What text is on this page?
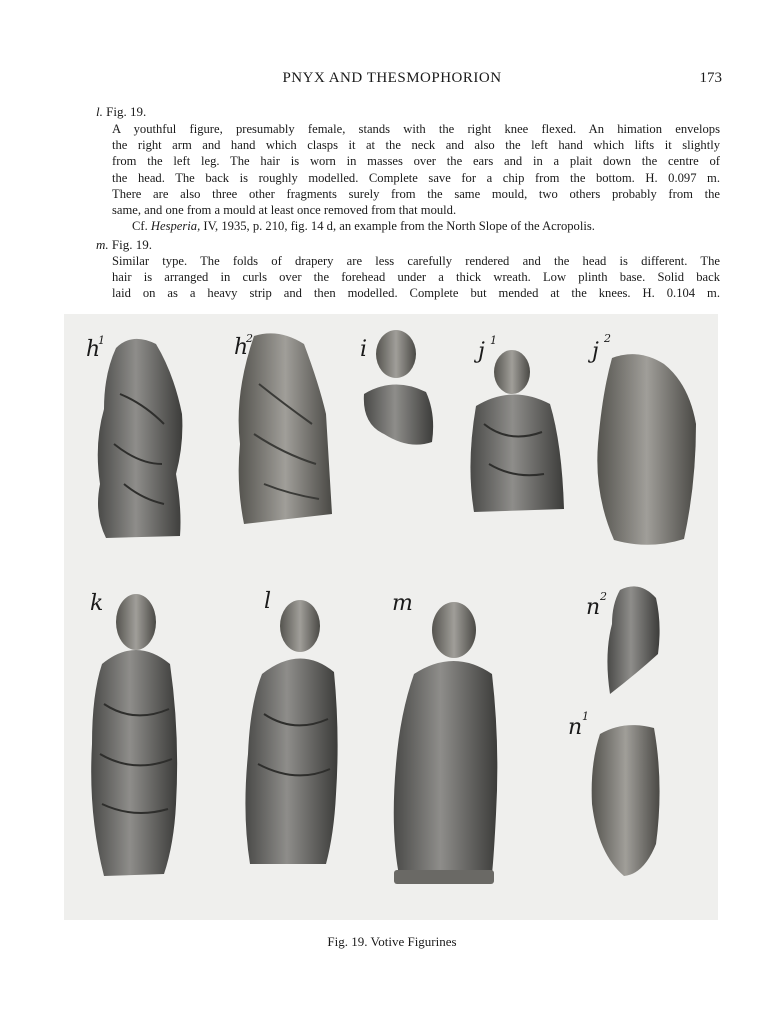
PNYX AND THESMOPHORION	173
l. Fig. 19.
A youthful figure, presumably female, stands with the right knee flexed. An himation envelops
the right arm and hand which clasps it at the neck and also the left hand which lifts it slightly
from the left leg. The hair is worn in masses over the ears and in a plait down the centre of
the head. The back is roughly modelled. Complete save for a chip from the bottom. H. 0.097 m.
There are also three other fragments surely from the same mould, two others probably from the
same, and one from a mould at least once removed from that mould.
Cf. Hesperia, IV, 1935, p. 210, fig. 14 d, an example from the North Slope of the Acropolis.
m. Fig. 19.
Similar type. The folds of drapery are less carefully rendered and the head is different. The
hair is arranged in curls over the forehead under a thick wreath. Low plinth base. Solid back
laid on as a heavy strip and then modelled. Complete but mended at the knees. H. 0.104 m.
h
1	h
2	i	j 1	j
2
k	l	m	n 2
n 1
Fig. 19. Votive Figurines
